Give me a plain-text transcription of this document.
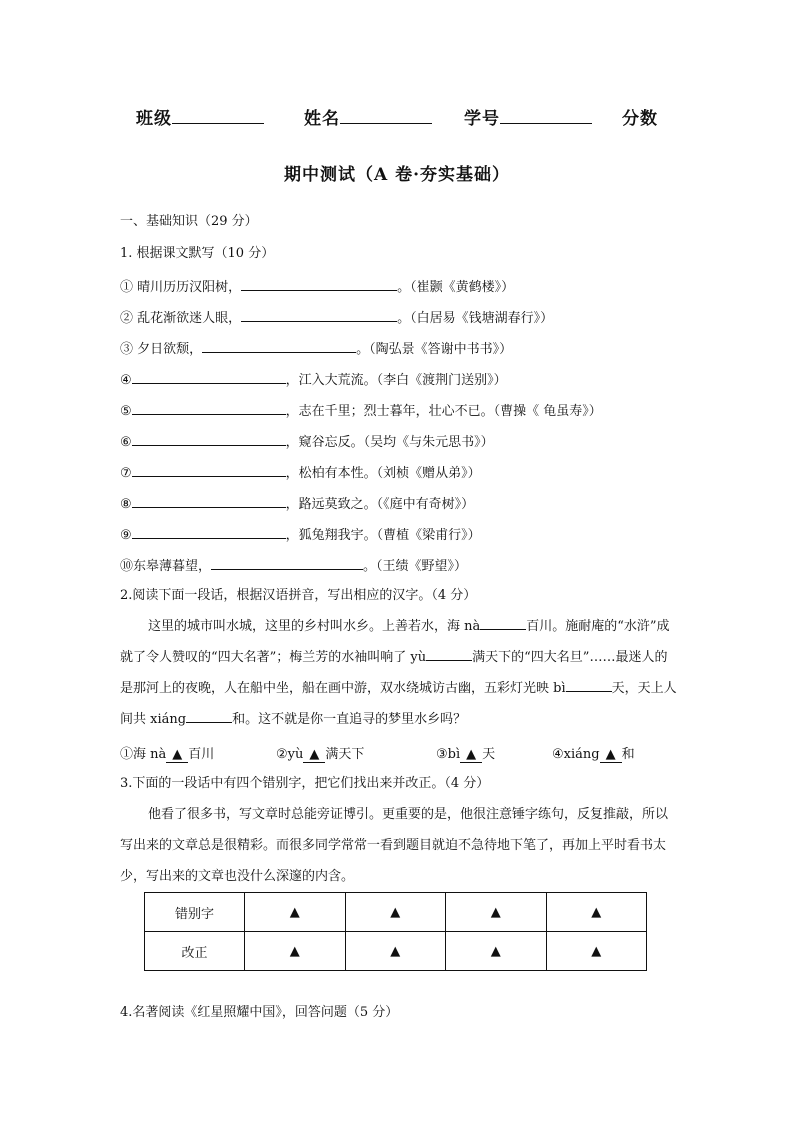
班级	姓名	学号	分数
期中测试（A 卷·夯实基础）
一、基础知识（29 分）
1. 根据课文默写（10 分）
① 晴川历历汉阳树，	。（崔颢《黄鹤楼》）
② 乱花渐欲迷人眼，	。（白居易《钱塘湖春行》）
③ 夕日欲颓，	。（陶弘景《答谢中书书》）
④	，江入大荒流。（李白《渡荆门送别》）
⑤	，志在千里；烈士暮年，壮心不已。（曹操《 龟虽寿》）
⑥	，窥谷忘反。（吴均《与朱元思书》）
⑦	，松柏有本性。（刘桢《赠从弟》）
⑧	，路远莫致之。（《庭中有奇树》）
⑨	，狐兔翔我宇。（曹植《梁甫行》）
⑩东皋薄暮望，	。（王绩《野望》）
2.阅读下面一段话，根据汉语拼音，写出相应的汉字。（4 分）

这里的城市叫水城，这里的乡村叫水乡。上善若水，海 nà	百川。施耐庵的“水浒”成就了令人赞叹的“四大名著”；梅兰芳的水袖叫响了 yù	满天下的“四大名旦”……最迷人的是那河上的夜晚，人在船中坐，船在画中游，双水绕城访古幽，五彩灯光映 bì	天，天上人间共 xiáng	和。这不就是你一直追寻的梦里水乡吗？

①海 nà ▲ 百川	②yù ▲ 满天下	③bì ▲ 天	④xiáng ▲ 和
3.下面的一段话中有四个错别字，把它们找出来并改正。（4 分）

他看了很多书，写文章时总能旁证博引。更重要的是，他很注意锤字练句，反复推敲，所以写出来的文章总是很精彩。而很多同学常常一看到题目就迫不急待地下笔了，再加上平时看书太少，写出来的文章也没什么深邃的内含。

错别字	▲	▲	▲	▲
改正	▲	▲	▲	▲
4.名著阅读《红星照耀中国》，回答问题（5 分）
